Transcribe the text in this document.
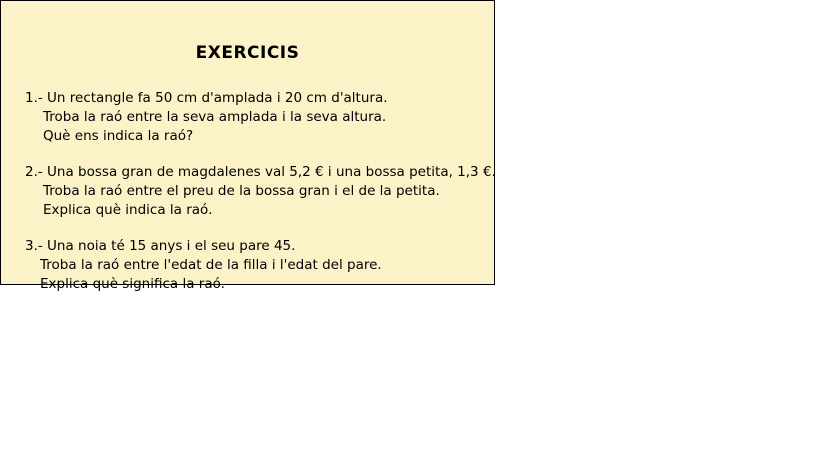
EXERCICIS
1.- Un rectangle fa 50 cm d'amplada i 20 cm d'altura.
Troba la raó entre la seva amplada i la seva altura.
Què ens indica la raó?
2.- Una bossa gran de magdalenes val 5,2 € i una bossa petita, 1,3 €.
Troba la raó entre el preu de la bossa gran i el de la petita.
Explica què indica la raó.
3.- Una noia té 15 anys i el seu pare 45.
Troba la raó entre l'edat de la filla i l'edat del pare.
Explica què significa la raó.
